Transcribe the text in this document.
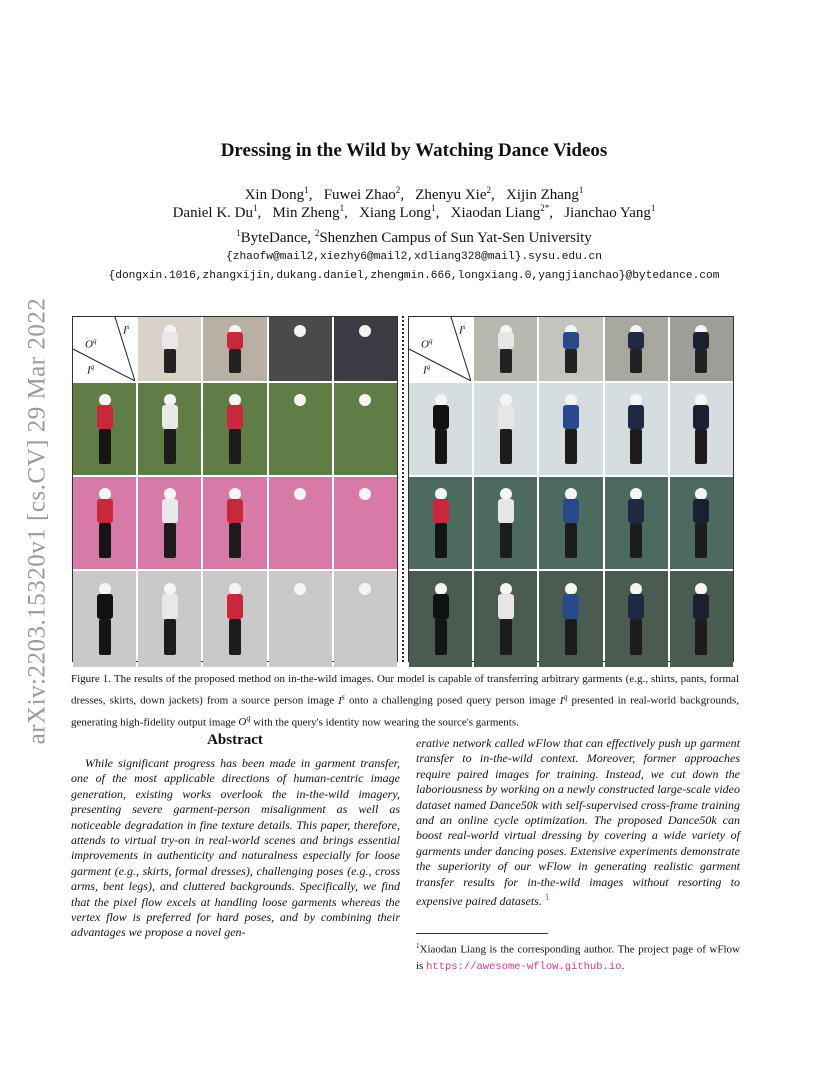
arXiv:2203.15320v1 [cs.CV] 29 Mar 2022
Dressing in the Wild by Watching Dance Videos
Xin Dong$^1$,   Fuwei Zhao$^2$,   Zhenyu Xie$^2$,   Xijin Zhang$^1$
Daniel K. Du$^1$,   Min Zheng$^1$,   Xiang Long$^1$,   Xiaodan Liang$^{2*}$,   Jianchao Yang$^1$
$^1$ByteDance, $^2$Shenzhen Campus of Sun Yat-Sen University
{zhaofw@mail2,xiezhy6@mail2,xdliang328@mail}.sysu.edu.cn
{dongxin.1016,zhangxijin,dukang.daniel,zhengmin.666,longxiang.0,yangjianchao}@bytedance.com
$I^s$
$O^q$
$I^q$
$I^s$
$O^q$
$I^q$
Figure 1. The results of the proposed method on in-the-wild images. Our model is capable of transferring arbitrary garments (e.g., shirts, pants, formal dresses, skirts, down jackets) from a source person image $I^s$ onto a challenging posed query person image $I^q$ presented in real-world backgrounds, generating high-fidelity output image $O^q$ with the query's identity now wearing the source's garments.
Abstract

While significant progress has been made in garment transfer, one of the most applicable directions of human-centric image generation, existing works overlook the in-the-wild imagery, presenting severe garment-person misalignment as well as noticeable degradation in fine texture details. This paper, therefore, attends to virtual try-on in real-world scenes and brings essential improvements in authenticity and naturalness especially for loose garment (e.g., skirts, formal dresses), challenging poses (e.g., cross arms, bent legs), and cluttered backgrounds. Specifically, we find that the pixel flow excels at handling loose garments whereas the vertex flow is preferred for hard poses, and by combining their advantages we propose a novel gen-

erative network called wFlow that can effectively push up garment transfer to in-the-wild context. Moreover, former approaches require paired images for training. Instead, we cut down the laboriousness by working on a newly constructed large-scale video dataset named Dance50k with self-supervised cross-frame training and an online cycle optimization. The proposed Dance50k can boost real-world virtual dressing by covering a wide variety of garments under dancing poses. Extensive experiments demonstrate the superiority of our wFlow in generating realistic garment transfer results for in-the-wild images without resorting to expensive paired datasets. $^1$

$^1$Xiaodan Liang is the corresponding author. The project page of wFlow is https://awesome-wflow.github.io.
